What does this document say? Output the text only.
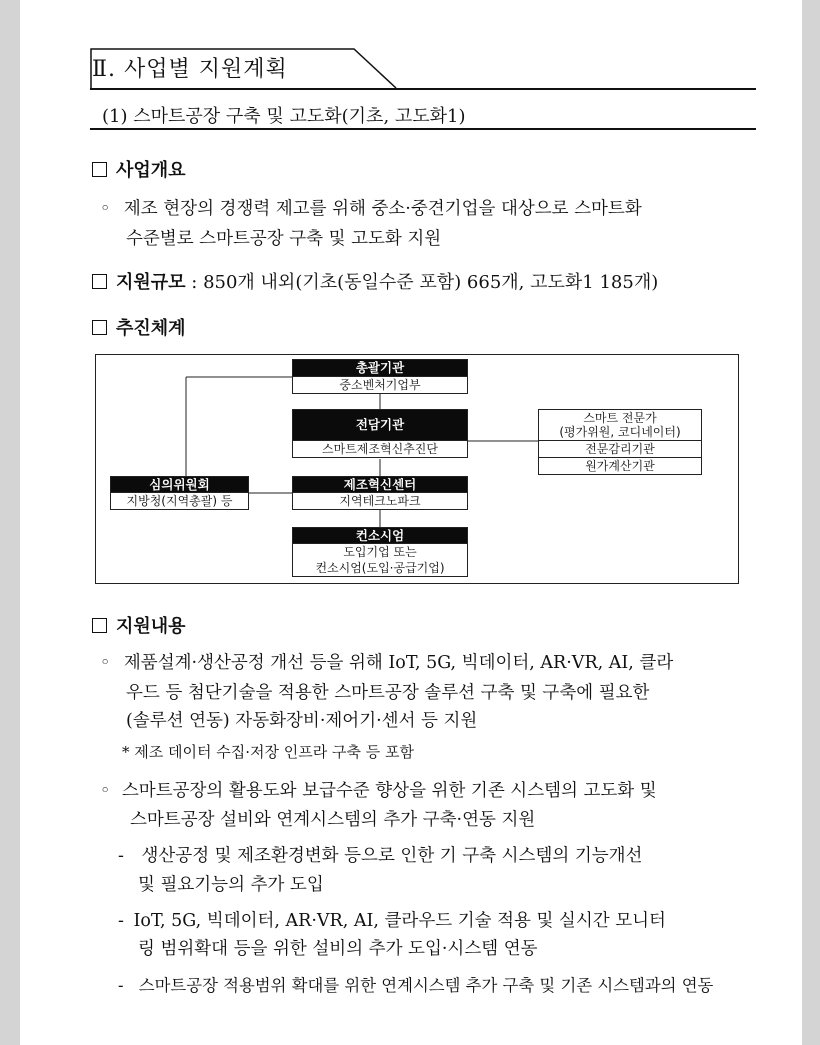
Ⅱ. 사업별 지원계획
(1) 스마트공장 구축 및 고도화(기초, 고도화1)
사업개요
◦ 제조 현장의 경쟁력 제고를 위해 중소·중견기업을 대상으로 스마트화
수준별로 스마트공장 구축 및 고도화 지원
지원규모 : 850개 내외(기초(동일수준 포함) 665개, 고도화1 185개)
추진체계
총괄기관
중소벤처기업부
전담기관
스마트제조혁신추진단
심의위원회
지방청(지역총괄) 등
제조혁신센터
지역테크노파크
컨소시엄
도입기업 또는
컨소시엄(도입·공급기업)
스마트 전문가
(평가위원, 코디네이터)
전문감리기관
원가계산기관
지원내용
◦ 제품설계·생산공정 개선 등을 위해 IoT, 5G, 빅데이터, AR·VR, AI, 클라
우드 등 첨단기술을 적용한 스마트공장 솔루션 구축 및 구축에 필요한
(솔루션 연동) 자동화장비·제어기·센서 등 지원
* 제조 데이터 수집·저장 인프라 구축 등 포함
◦ 스마트공장의 활용도와 보급수준 향상을 위한 기존 시스템의 고도화 및
스마트공장 설비와 연계시스템의 추가 구축·연동 지원
- 생산공정 및 제조환경변화 등으로 인한 기 구축 시스템의 기능개선
및 필요기능의 추가 도입
- IoT, 5G, 빅데이터, AR·VR, AI, 클라우드 기술 적용 및 실시간 모니터
링 범위확대 등을 위한 설비의 추가 도입·시스템 연동
- 스마트공장 적용범위 확대를 위한 연계시스템 추가 구축 및 기존 시스템과의 연동
